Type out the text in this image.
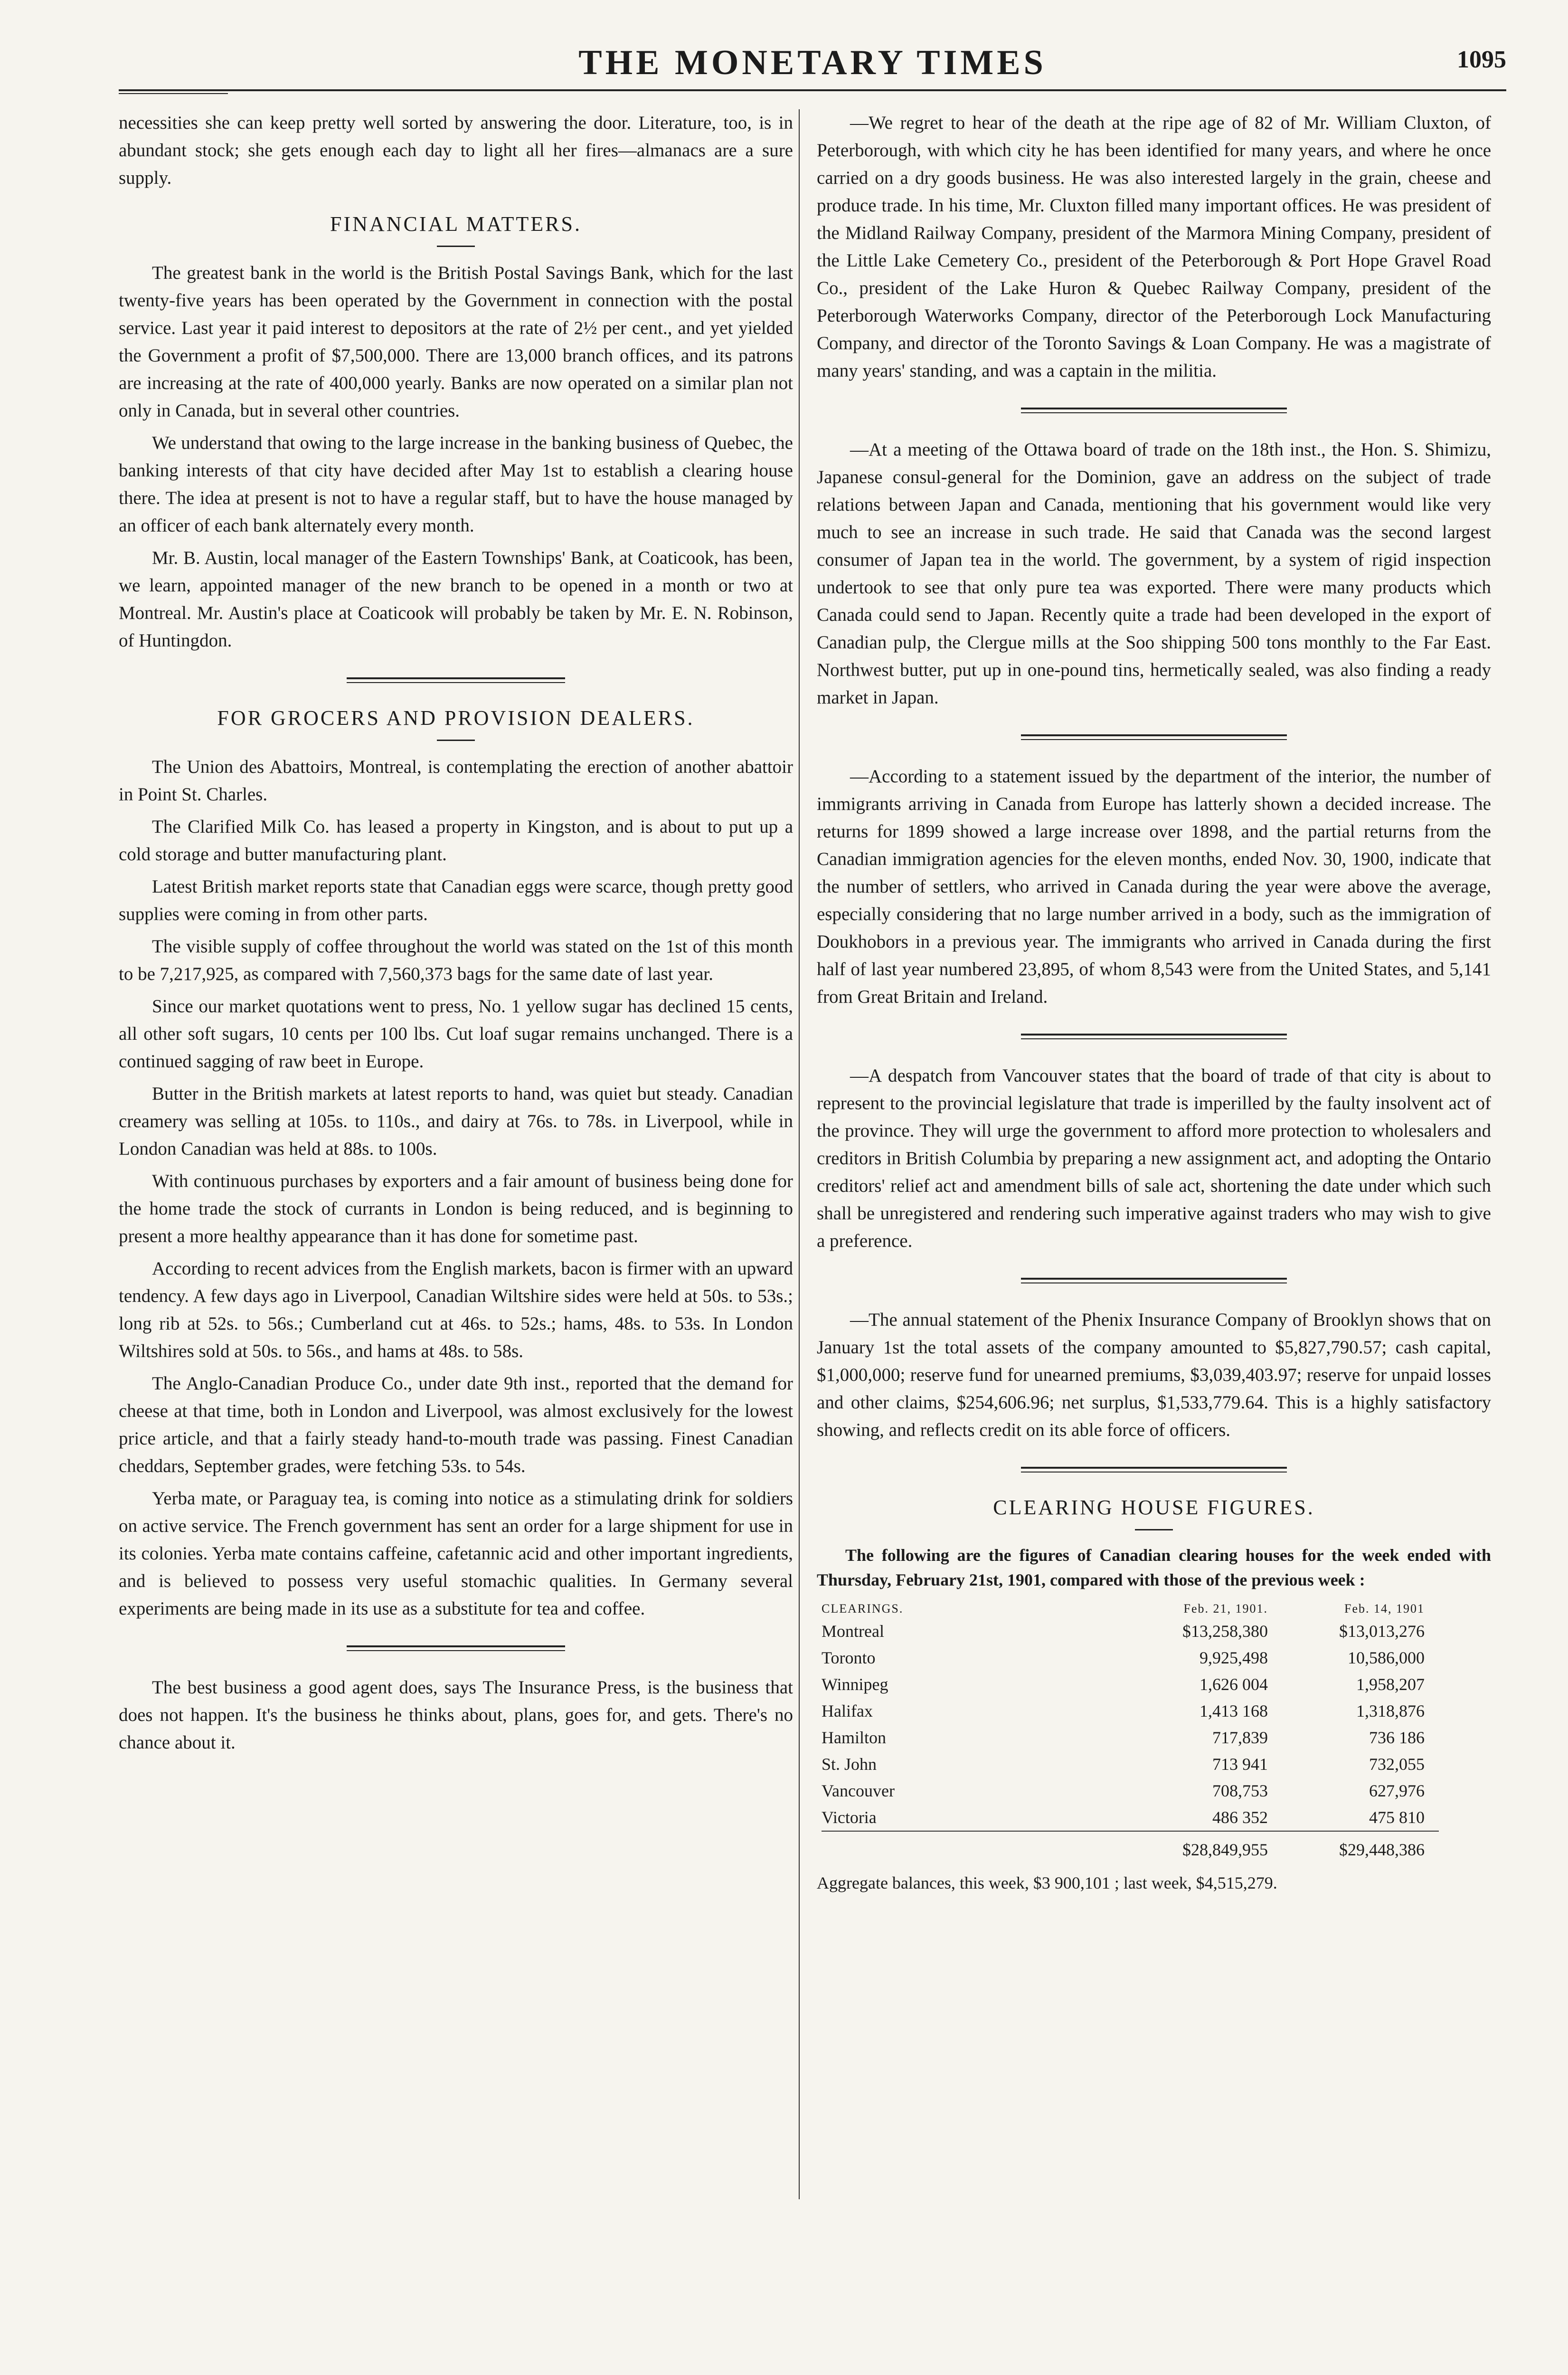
THE MONETARY TIMES	1095

necessities she can keep pretty well sorted by answering the door. Literature, too, is in abundant stock; she gets enough each day to light all her fires—almanacs are a sure supply.

FINANCIAL MATTERS.

The greatest bank in the world is the British Postal Savings Bank, which for the last twenty-five years has been operated by the Government in connection with the postal service. Last year it paid interest to depositors at the rate of 2½ per cent., and yet yielded the Government a profit of $7,500,000. There are 13,000 branch offices, and its patrons are increasing at the rate of 400,000 yearly. Banks are now operated on a similar plan not only in Canada, but in several other countries.

We understand that owing to the large increase in the banking business of Quebec, the banking interests of that city have decided after May 1st to establish a clearing house there. The idea at present is not to have a regular staff, but to have the house managed by an officer of each bank alternately every month.

Mr. B. Austin, local manager of the Eastern Townships' Bank, at Coaticook, has been, we learn, appointed manager of the new branch to be opened in a month or two at Montreal. Mr. Austin's place at Coaticook will probably be taken by Mr. E. N. Robinson, of Huntingdon.

FOR GROCERS AND PROVISION DEALERS.

The Union des Abattoirs, Montreal, is contemplating the erection of another abattoir in Point St. Charles.

The Clarified Milk Co. has leased a property in Kingston, and is about to put up a cold storage and butter manufacturing plant.

Latest British market reports state that Canadian eggs were scarce, though pretty good supplies were coming in from other parts.

The visible supply of coffee throughout the world was stated on the 1st of this month to be 7,217,925, as compared with 7,560,373 bags for the same date of last year.

Since our market quotations went to press, No. 1 yellow sugar has declined 15 cents, all other soft sugars, 10 cents per 100 lbs. Cut loaf sugar remains unchanged. There is a continued sagging of raw beet in Europe.

Butter in the British markets at latest reports to hand, was quiet but steady. Canadian creamery was selling at 105s. to 110s., and dairy at 76s. to 78s. in Liverpool, while in London Canadian was held at 88s. to 100s.

With continuous purchases by exporters and a fair amount of business being done for the home trade the stock of currants in London is being reduced, and is beginning to present a more healthy appearance than it has done for sometime past.

According to recent advices from the English markets, bacon is firmer with an upward tendency. A few days ago in Liverpool, Canadian Wiltshire sides were held at 50s. to 53s.; long rib at 52s. to 56s.; Cumberland cut at 46s. to 52s.; hams, 48s. to 53s. In London Wiltshires sold at 50s. to 56s., and hams at 48s. to 58s.

The Anglo-Canadian Produce Co., under date 9th inst., reported that the demand for cheese at that time, both in London and Liverpool, was almost exclusively for the lowest price article, and that a fairly steady hand-to-mouth trade was passing. Finest Canadian cheddars, September grades, were fetching 53s. to 54s.

Yerba mate, or Paraguay tea, is coming into notice as a stimulating drink for soldiers on active service. The French government has sent an order for a large shipment for use in its colonies. Yerba mate contains caffeine, cafetannic acid and other important ingredients, and is believed to possess very useful stomachic qualities. In Germany several experiments are being made in its use as a substitute for tea and coffee.

The best business a good agent does, says The Insurance Press, is the business that does not happen. It's the business he thinks about, plans, goes for, and gets. There's no chance about it.

—We regret to hear of the death at the ripe age of 82 of Mr. William Cluxton, of Peterborough, with which city he has been identified for many years, and where he once carried on a dry goods business. He was also interested largely in the grain, cheese and produce trade. In his time, Mr. Cluxton filled many important offices. He was president of the Midland Railway Company, president of the Marmora Mining Company, president of the Little Lake Cemetery Co., president of the Peterborough & Port Hope Gravel Road Co., president of the Lake Huron & Quebec Railway Company, president of the Peterborough Waterworks Company, director of the Peterborough Lock Manufacturing Company, and director of the Toronto Savings & Loan Company. He was a magistrate of many years' standing, and was a captain in the militia.

—At a meeting of the Ottawa board of trade on the 18th inst., the Hon. S. Shimizu, Japanese consul-general for the Dominion, gave an address on the subject of trade relations between Japan and Canada, mentioning that his government would like very much to see an increase in such trade. He said that Canada was the second largest consumer of Japan tea in the world. The government, by a system of rigid inspection undertook to see that only pure tea was exported. There were many products which Canada could send to Japan. Recently quite a trade had been developed in the export of Canadian pulp, the Clergue mills at the Soo shipping 500 tons monthly to the Far East. Northwest butter, put up in one-pound tins, hermetically sealed, was also finding a ready market in Japan.

—According to a statement issued by the department of the interior, the number of immigrants arriving in Canada from Europe has latterly shown a decided increase. The returns for 1899 showed a large increase over 1898, and the partial returns from the Canadian immigration agencies for the eleven months, ended Nov. 30, 1900, indicate that the number of settlers, who arrived in Canada during the year were above the average, especially considering that no large number arrived in a body, such as the immigration of Doukhobors in a previous year. The immigrants who arrived in Canada during the first half of last year numbered 23,895, of whom 8,543 were from the United States, and 5,141 from Great Britain and Ireland.

—A despatch from Vancouver states that the board of trade of that city is about to represent to the provincial legislature that trade is imperilled by the faulty insolvent act of the province. They will urge the government to afford more protection to wholesalers and creditors in British Columbia by preparing a new assignment act, and adopting the Ontario creditors' relief act and amendment bills of sale act, shortening the date under which such shall be unregistered and rendering such imperative against traders who may wish to give a preference.

—The annual statement of the Phenix Insurance Company of Brooklyn shows that on January 1st the total assets of the company amounted to $5,827,790.57; cash capital, $1,000,000; reserve fund for unearned premiums, $3,039,403.97; reserve for unpaid losses and other claims, $254,606.96; net surplus, $1,533,779.64. This is a highly satisfactory showing, and reflects credit on its able force of officers.

CLEARING HOUSE FIGURES.

The following are the figures of Canadian clearing houses for the week ended with Thursday, February 21st, 1901, compared with those of the previous week :

CLEARINGS.	Feb. 21, 1901.	Feb. 14, 1901
Montreal	$13,258,380	$13,013,276
Toronto	9,925,498	10,586,000
Winnipeg	1,626 004	1,958,207
Halifax	1,413 168	1,318,876
Hamilton	717,839	736 186
St. John	713 941	732,055
Vancouver	708,753	627,976
Victoria	486 352	475 810
	$28,849,955	$29,448,386
Aggregate balances, this week, $3 900,101 ; last week, $4,515,279.
